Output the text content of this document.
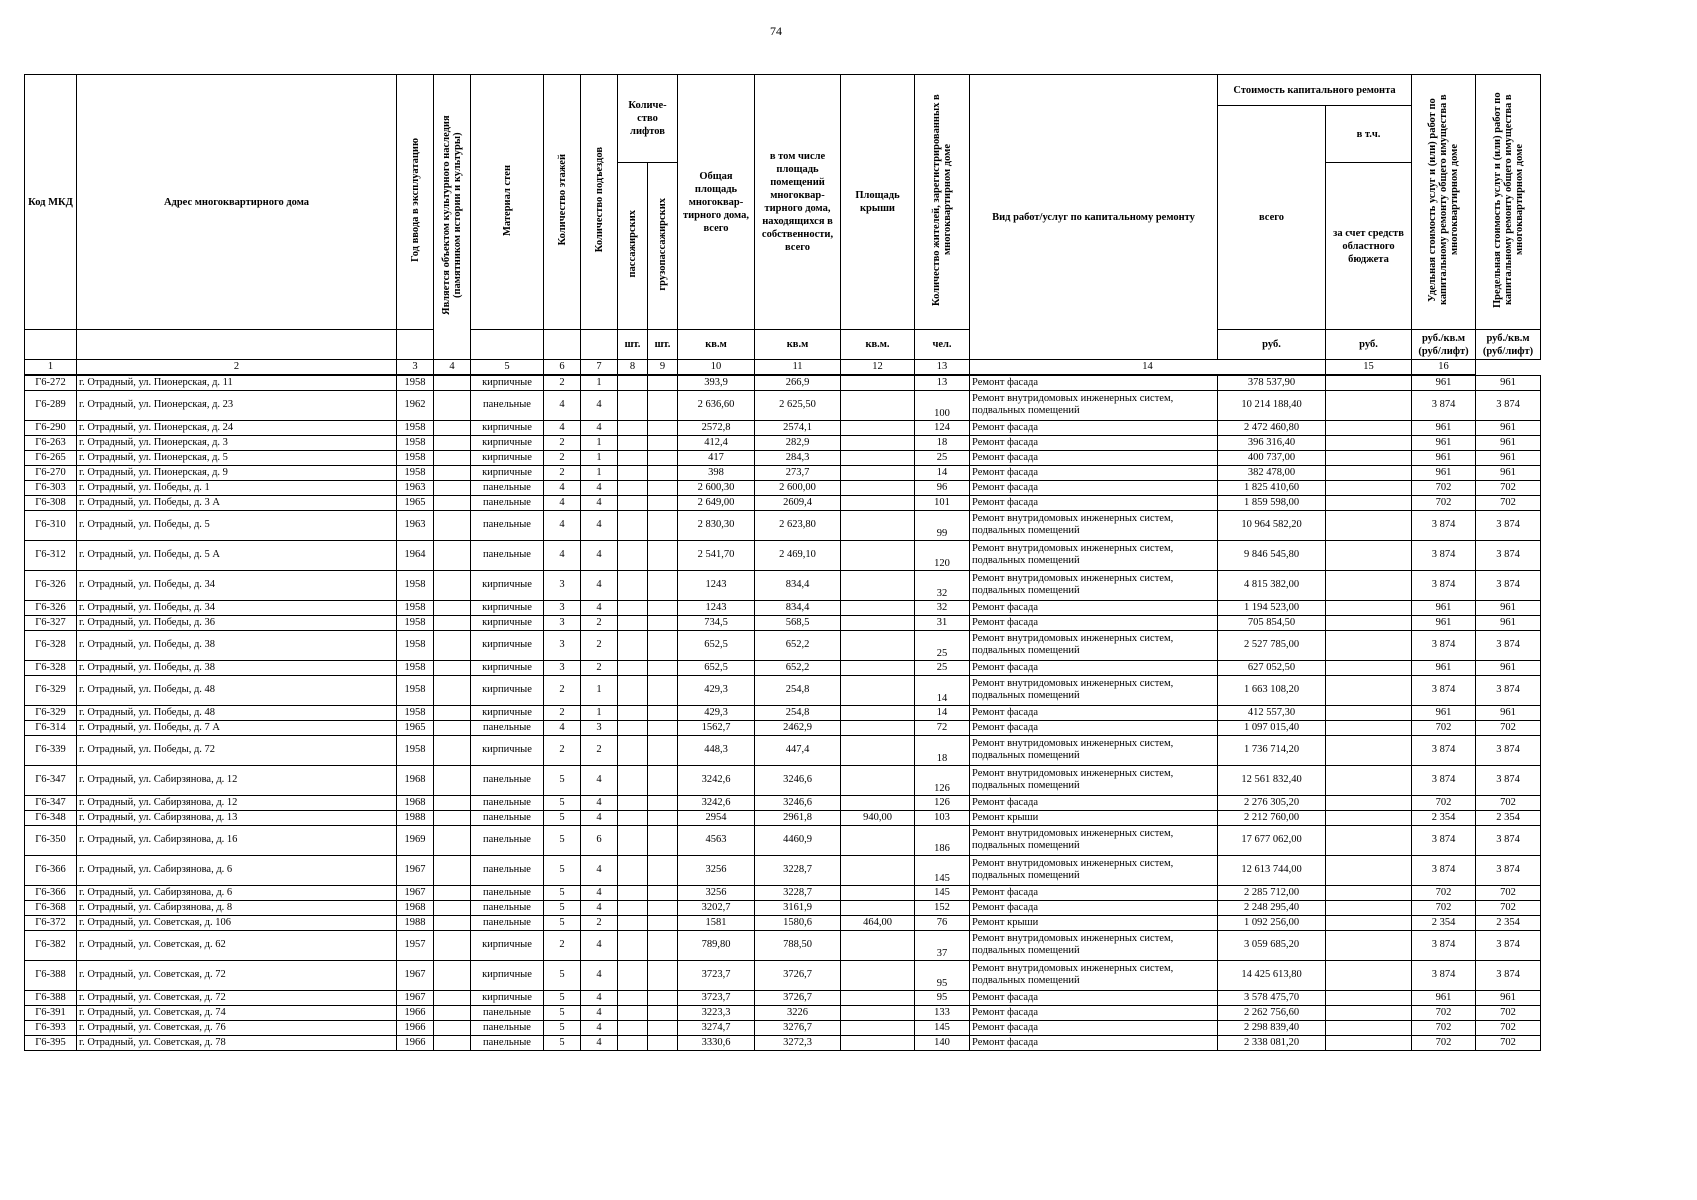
74
Код МКД	Адрес многоквартирного дома	Год ввода в эксплуатацию	Является объектом культурного наследия (памятником истории и культуры)	Материал стен	Количество этажей	Количество подъездов	Количе-ство лифтов		Общая площадь многоквар-тирного дома, всего	в том числе площадь помещений многоквар-тирного дома, находящихся в собственности, всего	Площадь крыши	Количество жителей, зарегистрированных в многоквартирном доме	Вид работ/услуг по капитальному ремонту	Стоимость капитального ремонта		Удельная стоимость услуг и (или) работ по капитальному ремонту общего имущества в многоквартирном доме	Предельная стоимость услуг и (или) работ по капитальному ремонту общего имущества в многоквартирном доме
														всего	в т.ч.		
							пассажирских	грузопассажирских							за счет средств областного бюджета		
							шт.	шт.	кв.м	кв.м	кв.м.	чел.		руб.	руб.	руб./кв.м (руб/лифт)	руб./кв.м (руб/лифт)
1	2	3	4	5	6	7	8	9	10	11	12	13	14		15	16	
Г6-272	г. Отрадный, ул. Пионерская, д. 11	1958		кирпичные	2	1			393,9	266,9		13	Ремонт фасада	378 537,90		961	961
Г6-289	г. Отрадный, ул. Пионерская, д. 23	1962		панельные	4	4			2 636,60	2 625,50		100	Ремонт внутридомовых инженерных систем, подвальных помещений	10 214 188,40		3 874	3 874
Г6-290	г. Отрадный, ул. Пионерская, д. 24	1958		кирпичные	4	4			2572,8	2574,1		124	Ремонт фасада	2 472 460,80		961	961
Г6-263	г. Отрадный, ул. Пионерская, д. 3	1958		кирпичные	2	1			412,4	282,9		18	Ремонт фасада	396 316,40		961	961
Г6-265	г. Отрадный, ул. Пионерская, д. 5	1958		кирпичные	2	1			417	284,3		25	Ремонт фасада	400 737,00		961	961
Г6-270	г. Отрадный, ул. Пионерская, д. 9	1958		кирпичные	2	1			398	273,7		14	Ремонт фасада	382 478,00		961	961
Г6-303	г. Отрадный, ул. Победы, д. 1	1963		панельные	4	4			2 600,30	2 600,00		96	Ремонт фасада	1 825 410,60		702	702
Г6-308	г. Отрадный, ул. Победы, д. 3 А	1965		панельные	4	4			2 649,00	2609,4		101	Ремонт фасада	1 859 598,00		702	702
Г6-310	г. Отрадный, ул. Победы, д. 5	1963		панельные	4	4			2 830,30	2 623,80		99	Ремонт внутридомовых инженерных систем, подвальных помещений	10 964 582,20		3 874	3 874
Г6-312	г. Отрадный, ул. Победы, д. 5 А	1964		панельные	4	4			2 541,70	2 469,10		120	Ремонт внутридомовых инженерных систем, подвальных помещений	9 846 545,80		3 874	3 874
Г6-326	г. Отрадный, ул. Победы, д. 34	1958		кирпичные	3	4			1243	834,4		32	Ремонт внутридомовых инженерных систем, подвальных помещений	4 815 382,00		3 874	3 874
Г6-326	г. Отрадный, ул. Победы, д. 34	1958		кирпичные	3	4			1243	834,4		32	Ремонт фасада	1 194 523,00		961	961
Г6-327	г. Отрадный, ул. Победы, д. 36	1958		кирпичные	3	2			734,5	568,5		31	Ремонт фасада	705 854,50		961	961
Г6-328	г. Отрадный, ул. Победы, д. 38	1958		кирпичные	3	2			652,5	652,2		25	Ремонт внутридомовых инженерных систем, подвальных помещений	2 527 785,00		3 874	3 874
Г6-328	г. Отрадный, ул. Победы, д. 38	1958		кирпичные	3	2			652,5	652,2		25	Ремонт фасада	627 052,50		961	961
Г6-329	г. Отрадный, ул. Победы, д. 48	1958		кирпичные	2	1			429,3	254,8		14	Ремонт внутридомовых инженерных систем, подвальных помещений	1 663 108,20		3 874	3 874
Г6-329	г. Отрадный, ул. Победы, д. 48	1958		кирпичные	2	1			429,3	254,8		14	Ремонт фасада	412 557,30		961	961
Г6-314	г. Отрадный, ул. Победы, д. 7 А	1965		панельные	4	3			1562,7	2462,9		72	Ремонт фасада	1 097 015,40		702	702
Г6-339	г. Отрадный, ул. Победы, д. 72	1958		кирпичные	2	2			448,3	447,4		18	Ремонт внутридомовых инженерных систем, подвальных помещений	1 736 714,20		3 874	3 874
Г6-347	г. Отрадный, ул. Сабирзянова, д. 12	1968		панельные	5	4			3242,6	3246,6		126	Ремонт внутридомовых инженерных систем, подвальных помещений	12 561 832,40		3 874	3 874
Г6-347	г. Отрадный, ул. Сабирзянова, д. 12	1968		панельные	5	4			3242,6	3246,6		126	Ремонт фасада	2 276 305,20		702	702
Г6-348	г. Отрадный, ул. Сабирзянова, д. 13	1988		панельные	5	4			2954	2961,8	940,00	103	Ремонт крыши	2 212 760,00		2 354	2 354
Г6-350	г. Отрадный, ул. Сабирзянова, д. 16	1969		панельные	5	6			4563	4460,9		186	Ремонт внутридомовых инженерных систем, подвальных помещений	17 677 062,00		3 874	3 874
Г6-366	г. Отрадный, ул. Сабирзянова, д. 6	1967		панельные	5	4			3256	3228,7		145	Ремонт внутридомовых инженерных систем, подвальных помещений	12 613 744,00		3 874	3 874
Г6-366	г. Отрадный, ул. Сабирзянова, д. 6	1967		панельные	5	4			3256	3228,7		145	Ремонт фасада	2 285 712,00		702	702
Г6-368	г. Отрадный, ул. Сабирзянова, д. 8	1968		панельные	5	4			3202,7	3161,9		152	Ремонт фасада	2 248 295,40		702	702
Г6-372	г. Отрадный, ул. Советская, д. 106	1988		панельные	5	2			1581	1580,6	464,00	76	Ремонт крыши	1 092 256,00		2 354	2 354
Г6-382	г. Отрадный, ул. Советская, д. 62	1957		кирпичные	2	4			789,80	788,50		37	Ремонт внутридомовых инженерных систем, подвальных помещений	3 059 685,20		3 874	3 874
Г6-388	г. Отрадный, ул. Советская, д. 72	1967		кирпичные	5	4			3723,7	3726,7		95	Ремонт внутридомовых инженерных систем, подвальных помещений	14 425 613,80		3 874	3 874
Г6-388	г. Отрадный, ул. Советская, д. 72	1967		кирпичные	5	4			3723,7	3726,7		95	Ремонт фасада	3 578 475,70		961	961
Г6-391	г. Отрадный, ул. Советская, д. 74	1966		панельные	5	4			3223,3	3226		133	Ремонт фасада	2 262 756,60		702	702
Г6-393	г. Отрадный, ул. Советская, д. 76	1966		панельные	5	4			3274,7	3276,7		145	Ремонт фасада	2 298 839,40		702	702
Г6-395	г. Отрадный, ул. Советская, д. 78	1966		панельные	5	4			3330,6	3272,3		140	Ремонт фасада	2 338 081,20		702	702
